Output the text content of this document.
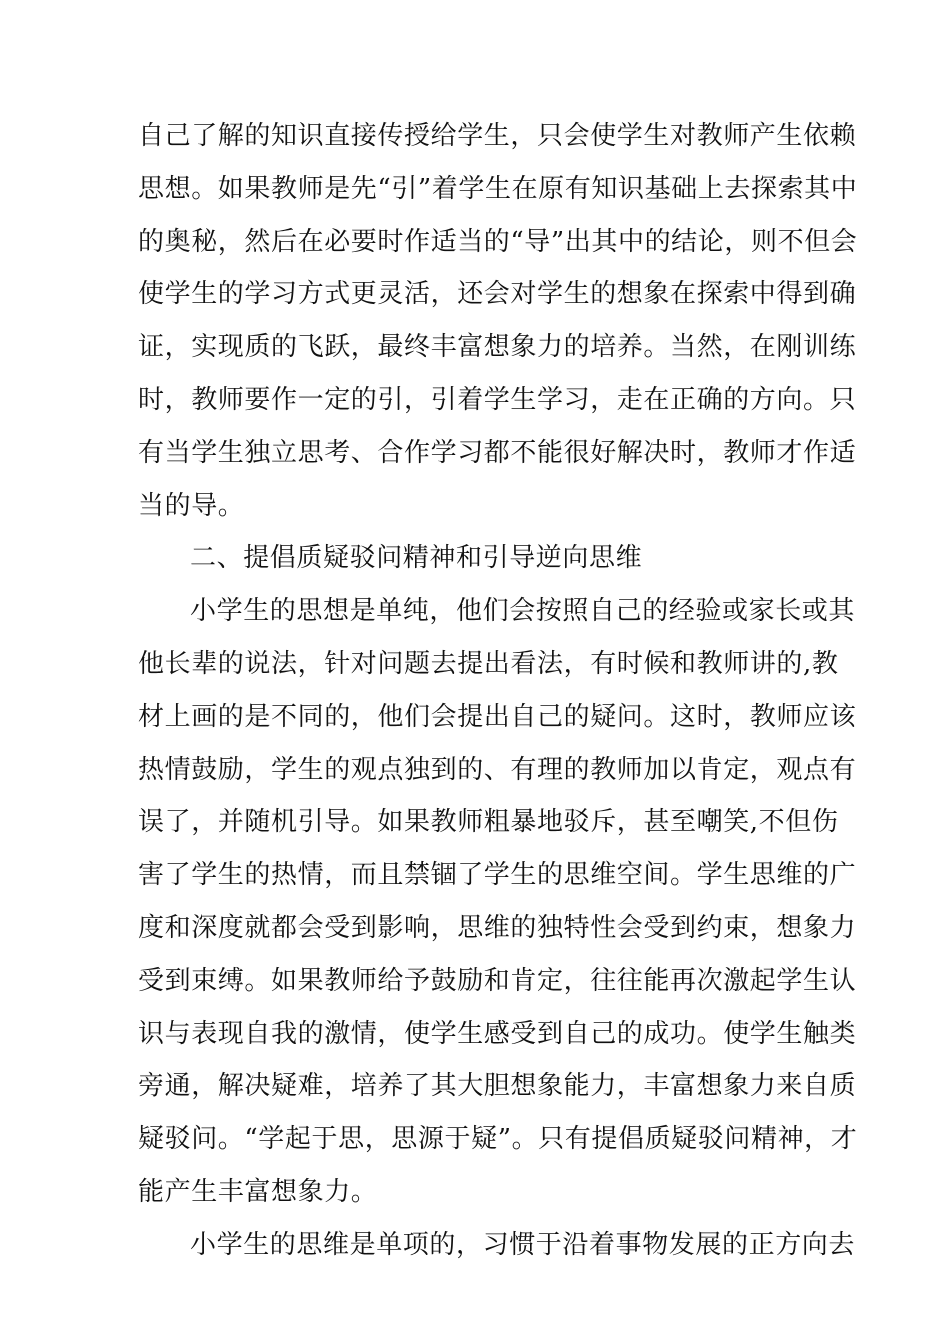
自己了解的知识直接传授给学生，只会使学生对教师产生依赖
思想。如果教师是先“引”着学生在原有知识基础上去探索其中
的奥秘，然后在必要时作适当的“导”出其中的结论，则不但会
使学生的学习方式更灵活，还会对学生的想象在探索中得到确
证，实现质的飞跃，最终丰富想象力的培养。当然，在刚训练
时，教师要作一定的引，引着学生学习，走在正确的方向。只
有当学生独立思考、合作学习都不能很好解决时，教师才作适
当的导。
二、提倡质疑驳问精神和引导逆向思维
小学生的思想是单纯，他们会按照自己的经验或家长或其
他长辈的说法，针对问题去提出看法，有时候和教师讲的,教
材上画的是不同的，他们会提出自己的疑问。这时，教师应该
热情鼓励，学生的观点独到的、有理的教师加以肯定，观点有
误了，并随机引导。如果教师粗暴地驳斥，甚至嘲笑,不但伤
害了学生的热情，而且禁锢了学生的思维空间。学生思维的广
度和深度就都会受到影响，思维的独特性会受到约束，想象力
受到束缚。如果教师给予鼓励和肯定，往往能再次激起学生认
识与表现自我的激情，使学生感受到自己的成功。使学生触类
旁通，解决疑难，培养了其大胆想象能力，丰富想象力来自质
疑驳问。“学起于思，思源于疑”。只有提倡质疑驳问精神，才
能产生丰富想象力。
小学生的思维是单项的，习惯于沿着事物发展的正方向去
